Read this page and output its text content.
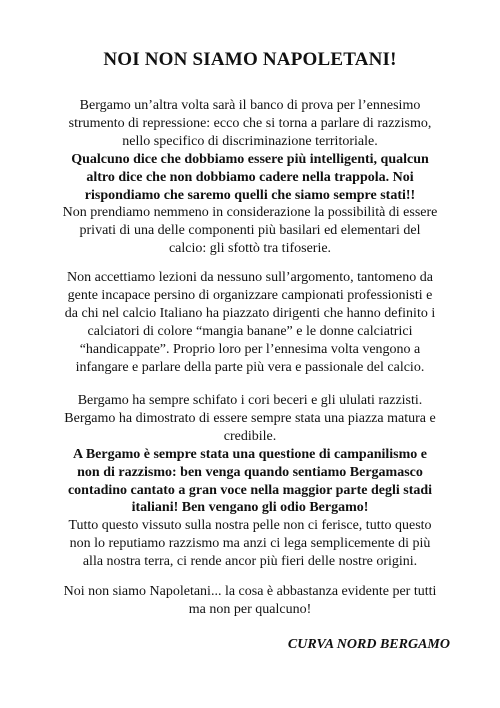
NOI NON SIAMO NAPOLETANI!
Bergamo un’altra volta sarà il banco di prova per l’ennesimo
strumento di repressione: ecco che si torna a parlare di razzismo,
nello specifico di discriminazione territoriale.
Qualcuno dice che dobbiamo essere più intelligenti, qualcun
altro dice che non dobbiamo cadere nella trappola. Noi
rispondiamo che saremo quelli che siamo sempre stati!!
Non prendiamo nemmeno in considerazione la possibilità di essere
privati di una delle componenti più basilari ed elementari del
calcio: gli sfottò tra tifoserie.
Non accettiamo lezioni da nessuno sull’argomento, tantomeno da
gente incapace persino di organizzare campionati professionisti e
da chi nel calcio Italiano ha piazzato dirigenti che hanno definito i
calciatori di colore “mangia banane” e le donne calciatrici
“handicappate”. Proprio loro per l’ennesima volta vengono a
infangare e parlare della parte più vera e passionale del calcio.
Bergamo ha sempre schifato i cori beceri e gli ululati razzisti.
Bergamo ha dimostrato di essere sempre stata una piazza matura e
credibile.
A Bergamo è sempre stata una questione di campanilismo e
non di razzismo: ben venga quando sentiamo Bergamasco
contadino cantato a gran voce nella maggior parte degli stadi
italiani! Ben vengano gli odio Bergamo!
Tutto questo vissuto sulla nostra pelle non ci ferisce, tutto questo
non lo reputiamo razzismo ma anzi ci lega semplicemente di più
alla nostra terra, ci rende ancor più fieri delle nostre origini.
Noi non siamo Napoletani... la cosa è abbastanza evidente per tutti
ma non per qualcuno!
CURVA NORD BERGAMO
